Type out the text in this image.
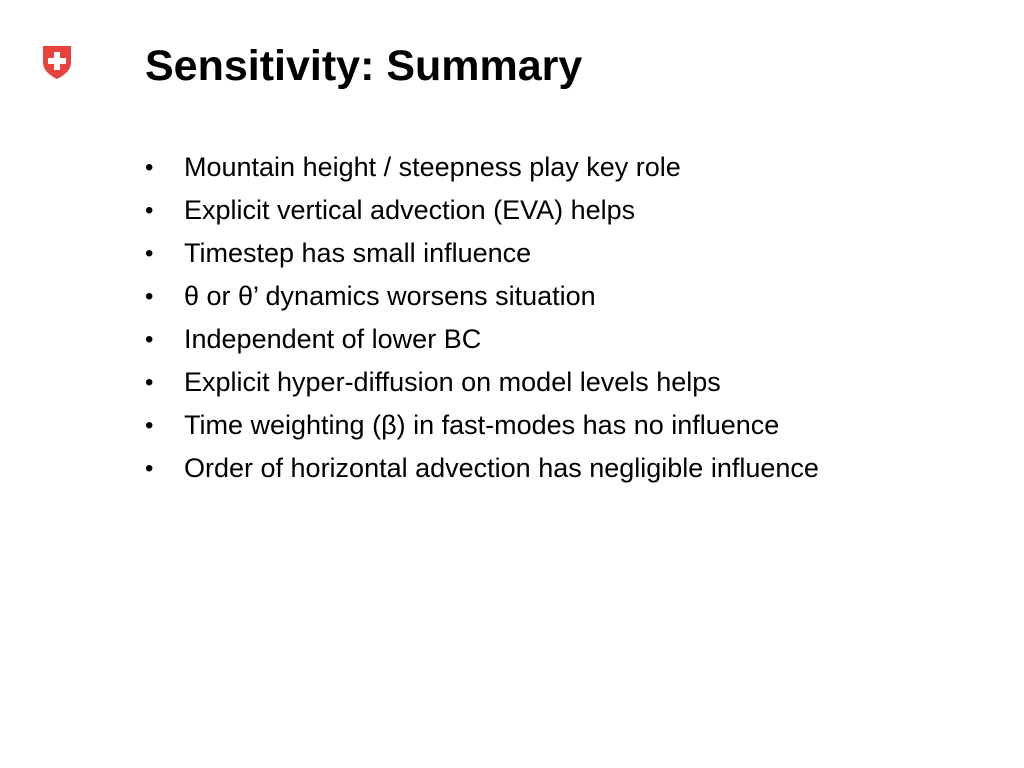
Sensitivity: Summary
•	Mountain height / steepness play key role
•	Explicit vertical advection (EVA) helps
•	Timestep has small influence
•	θ or θ’ dynamics worsens situation
•	Independent of lower BC
•	Explicit hyper-diffusion on model levels helps
•	Time weighting (β) in fast-modes has no influence
•	Order of horizontal advection has negligible influence
